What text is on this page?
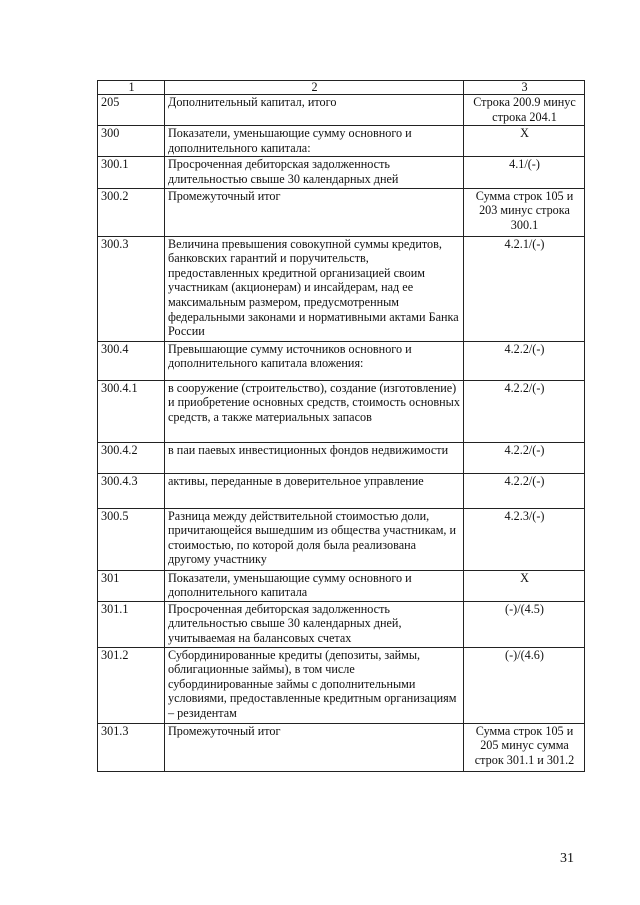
1	2	3
205	Дополнительный капитал, итого	Строка 200.9 минус строка 204.1
300	Показатели, уменьшающие сумму основного и дополнительного капитала:	X
300.1	Просроченная дебиторская задолженность длительностью свыше 30 календарных дней	4.1/(-)
300.2	Промежуточный итог	Сумма строк 105 и 203 минус строка 300.1
300.3	Величина превышения совокупной суммы кредитов, банковских гарантий и поручительств, предоставленных кредитной организацией своим участникам (акционерам) и инсайдерам, над ее максимальным размером, предусмотренным федеральными законами и нормативными актами Банка России	4.2.1/(-)
300.4	Превышающие сумму источников основного и дополнительного капитала вложения:	4.2.2/(-)
300.4.1	в сооружение (строительство), создание (изготовление) и приобретение основных средств, стоимость основных средств, а также материальных запасов	4.2.2/(-)
300.4.2	в паи паевых инвестиционных фондов недвижимости	4.2.2/(-)
300.4.3	активы, переданные в доверительное управление	4.2.2/(-)
300.5	Разница между действительной стоимостью доли, причитающейся вышедшим из общества участникам, и стоимостью, по которой доля была реализована другому участнику	4.2.3/(-)
301	Показатели, уменьшающие сумму основного и дополнительного капитала	X
301.1	Просроченная дебиторская задолженность длительностью свыше 30 календарных дней, учитываемая на балансовых счетах	(-)/(4.5)
301.2	Субординированные кредиты (депозиты, займы, облигационные займы), в том числе субординированные займы с дополнительными условиями, предоставленные кредитным организациям – резидентам	(-)/(4.6)
301.3	Промежуточный итог	Сумма строк 105 и 205 минус сумма строк 301.1 и 301.2
31
